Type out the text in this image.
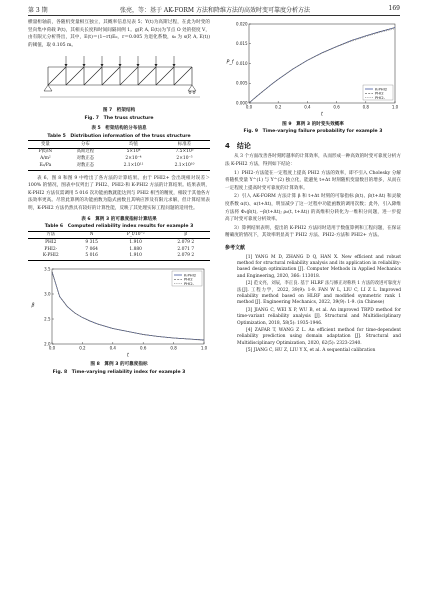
第 3 期	张亮，等：基于 AK-FORM 方法和降维方法的高效时变可靠度分析方法	169

横量桁轴前，各随机变量相互独立，其概率信息见表 5；Y(t)为高斯过程，在此为时变的竖向集中荷载 P(t)，其相关长度和时间间隔同例 1。g(P, A, E(t))为节点 O 处的挠度 V，由有限元分析得出，其中，E(t)＝(1−rt)E₀，r＝0.005 为退化系数，s₀ 为 s(P, A, E(t)) 的阈值，取 0.105 m。

图 7　桁架结构
Fig. 7　The truss structure
表 5　桁架结构的分布信息
Table 5　Distribution information of the truss structure
变量	分布	均值	标准差
P(t)/N	高斯过程	5×10⁴	7.5×10³
A/m²	对数正态	2×10⁻⁴	2×10⁻⁵
E₀/Pa	对数正态	2.1×10¹¹	2.1×10¹⁰

表 6、图 8 和图 9 中给出了各方法的计算结果。由于 PHI2+ 会出现相对误差＞100% 的情况，图表中仅列出了 PHI2、PHI2-和 K-PHI2 方法的计算结果。结果表明，K-PHI2 方法仅需调用 5 016 次功能函数就能达到与 PHI2 相当的精度，相较于其他各方法效率更高。尽管此算例的功能函数为隐式函数且其响应涉及有限元求解，但计算结果表明，K-PHI2 方法仍然具有较好的计算性能，反映了其处理实际工程问题的适用性。

表 6　算例 3 的可靠度指标计算结果
Table 6　Computed reliability index results for example 3
方法	N	P_f/10⁻²	β
PHI2	9 315	1.910	2.079 2
PHI2-	7 064	1.880	2.071 7
K-PHI2	5 016	1.910	2.079 2
0.0	0.2	0.4	0.6	0.8	1.0
2.0
2.5
3.0
3.5
t
β
K-PHI2
PHI2
PHI2-
图 8　算例 3 的可靠度指标
Fig. 8　Time-varying reliability index for example 3
0.0	0.2	0.4	0.6	0.8	1.0
0.000
0.005
0.010
0.015
0.020
t
P_f
K-PHI2
PHI2
PHI2-
图 9　算例 3 的时变失效概率
Fig. 9　Time-varying failure probability for example 3
4　结论

从 3 个方面改善各时刻跨越率的计算效率，从而形成一种高效的时变可靠度分析方法 K-PHI2 方法，得到如下结论：

1）PHI2-方法能在一定程度上提高 PHI2 方法的效率，即不引入 Cholesky 分解将随机变量 Y^(1) 与 Y^(2) 独立化，能避免 t+Δt 时刻随机变量数目的增多，从而在一定程度上提高时变可靠度的计算效率。

2）引入 AK-FORM 方法计算 β 和 t+Δt 时刻的可靠指标 β(t)、β(t+Δt) 和灵敏度系数 α(t)、α(t+Δt)，明显减少了这一过程中功能函数的调用次数；此外，引入降维方法将 Φ₂(β(t), −β(t+Δt); ρ₀(t, t+Δt)) 的高维积分转化为一维积分问题，进一步提高了时变可靠度分析效率。

3）算例结果表明，提出的 K-PHI2 方法同时适用于数值算例和工程问题，在保证精确度的情况下，其效率明显高于 PHI2 方法、PHI2-方法和 PHI2+ 方法。

参考文献

[1] YANG M D, ZHANG D Q, HAN X. New efficient and robust method for structural reliability analysis and its application in reliability-based design optimization [J]. Computer Methods in Applied Mechanics and Engineering, 2020, 366: 113018.

[2] 范文亮，刘辰，李正良. 基于 HLRF 法与修正对称秩 1 方法的改进可靠度方法[J]. 工程力学，2022, 39(9): 1-9. FAN W L, LIU C, LI Z L. Improved reliability method based on HLRF and modified symmetric rank 1 method [J]. Engineering Mechanics, 2022, 39(9): 1-9. (in Chinese)

[3] JIANG C, WEI X P, WU B, et al. An improved TRPD method for time-variant reliability analysis [J]. Structural and Multidisciplinary Optimization, 2018, 58(5): 1935-1946.

[4] ZAFAR T, WANG Z L. An efficient method for time-dependent reliability prediction using domain adaptation [J]. Structural and Multidisciplinary Optimization, 2020, 62(5): 2323-2340.

[5] JIANG C, HU Z, LIU Y X, et al. A sequential calibration
